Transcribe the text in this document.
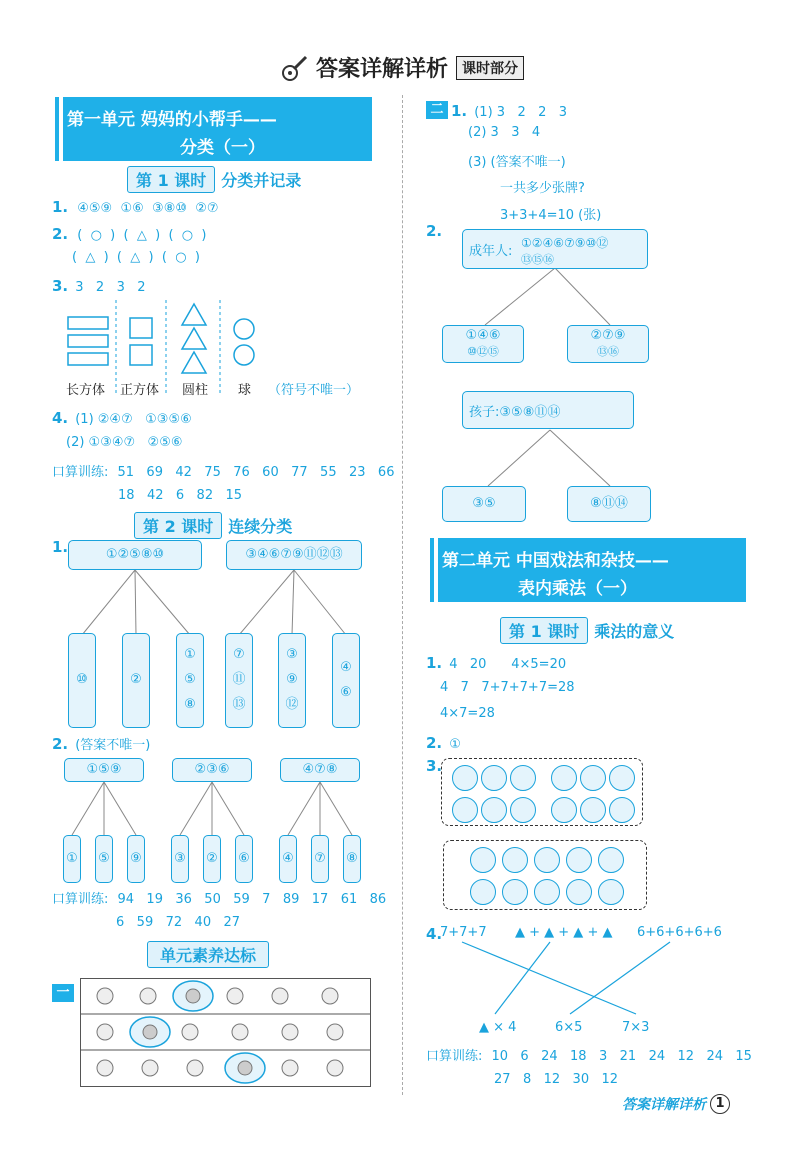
答案详解详析	课时部分
第一单元 妈妈的小帮手——
分类（一）
第 1 课时 分类并记录
1. ④⑤⑨  ①⑥  ③⑧⑩  ②⑦
2. (  ○  )  (  △  )  (  ○  )
(  △  )  (  △  )  (  ○  )
3. 3   2   3   2
长方体 正方体 圆柱 球 （符号不唯一）
4. (1) ②④⑦   ①③⑤⑥
(2) ①③④⑦   ②⑤⑥
口算训练: 51   69   42   75   76   60   77   55   23   66
18   42   6   82   15
第 2 课时 连续分类
1.	①②⑤⑧⑩	③④⑥⑦⑨⑪⑫⑬
⑩	②
①
⑤
⑧
⑦
⑪
⑬
③
⑨
⑫
④
⑥
2. (答案不唯一)
①⑤⑨	②③⑥	④⑦⑧
① ⑤ ⑨ ③ ② ⑥ ④ ⑦ ⑧
口算训练: 94   19   36   50   59   7   89   17   61   86
6   59   72   40   27
单元素养达标
一
二 1. (1) 3   2   2   3
(2) 3   3   4
(3) (答案不唯一)
一共多少张牌?
3+3+4=10 (张)
2.
成年人:
①②④⑥⑦⑨⑩⑫
⑬⑮⑯
①④⑥
⑩⑫⑮
②⑦⑨
⑬⑯
孩子: ③⑤⑧⑪⑭
③⑤	⑧⑪⑭
第二单元 中国戏法和杂技——
表内乘法（一）
第 1 课时 乘法的意义
1. 4   20      4×5=20
4   7   7+7+7+7=28
4×7=28
2. ①
3.
4.
7+7+7 ▲ + ▲ + ▲ + ▲ 6+6+6+6+6
▲ × 4	6×5	7×3
口算训练: 10   6   24   18   3   21   24   12   24   15
27   8   12   30   12
答案详解详析 1
